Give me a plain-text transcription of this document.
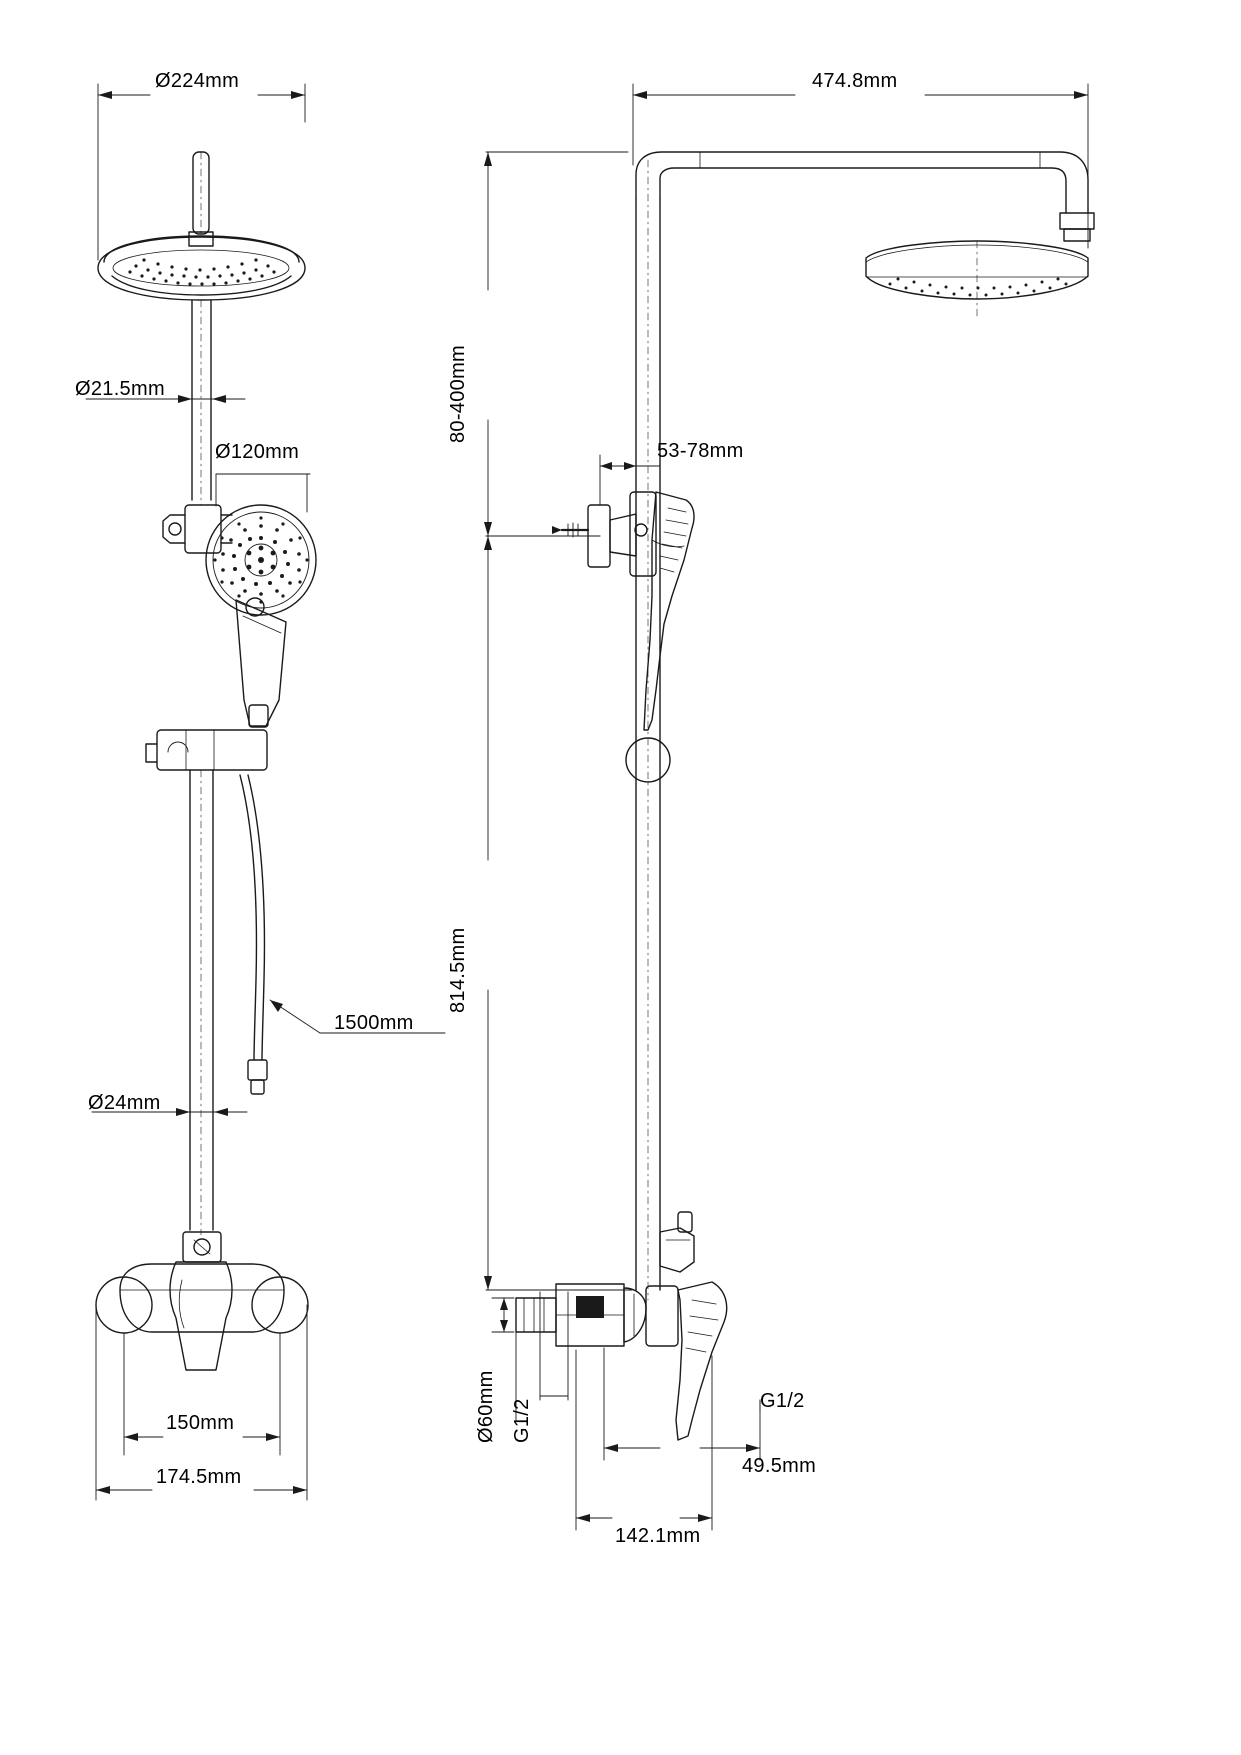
Ø224mm
Ø21.5mm
Ø120mm
1500mm
Ø24mm
150mm
174.5mm
474.8mm
80-400mm
53-78mm
814.5mm
Ø60mm G1/2	G1/2
49.5mm
142.1mm
